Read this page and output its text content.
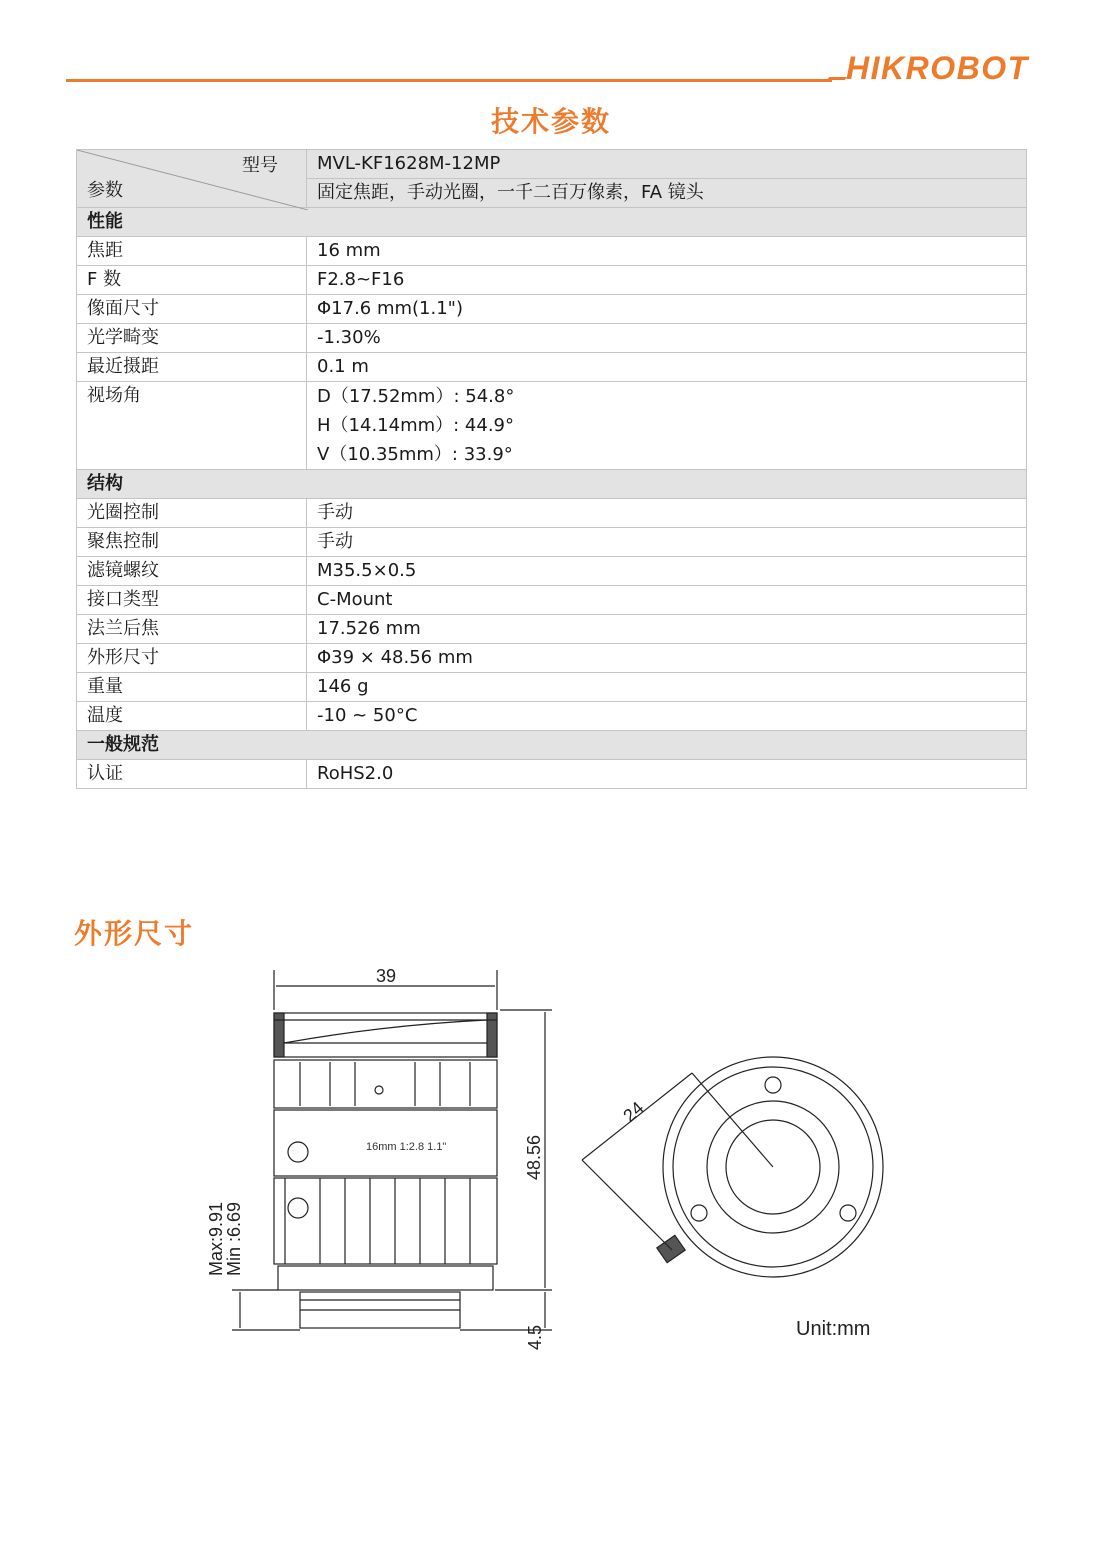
HIKROBOT
技术参数
型号
参数	MVL-KF1628M-12MP
	固定焦距，手动光圈，一千二百万像素，FA 镜头
性能	
焦距	16 mm
F 数	F2.8~F16
像面尺寸	Φ17.6 mm(1.1")
光学畸变	-1.30%
最近摄距	0.1 m
视场角	D（17.52mm）: 54.8°
H（14.14mm）: 44.9°
V（10.35mm）: 33.9°

结构	
光圈控制	手动
聚焦控制	手动
滤镜螺纹	M35.5×0.5
接口类型	C-Mount
法兰后焦	17.526 mm
外形尺寸	Φ39 × 48.56 mm
重量	146 g
温度	-10 ~ 50°C
一般规范	
认证	RoHS2.0
外形尺寸
39
48.56
4.5
24
Max:9.91
Min :6.69
16mm 1:2.8 1.1"
Unit:mm
